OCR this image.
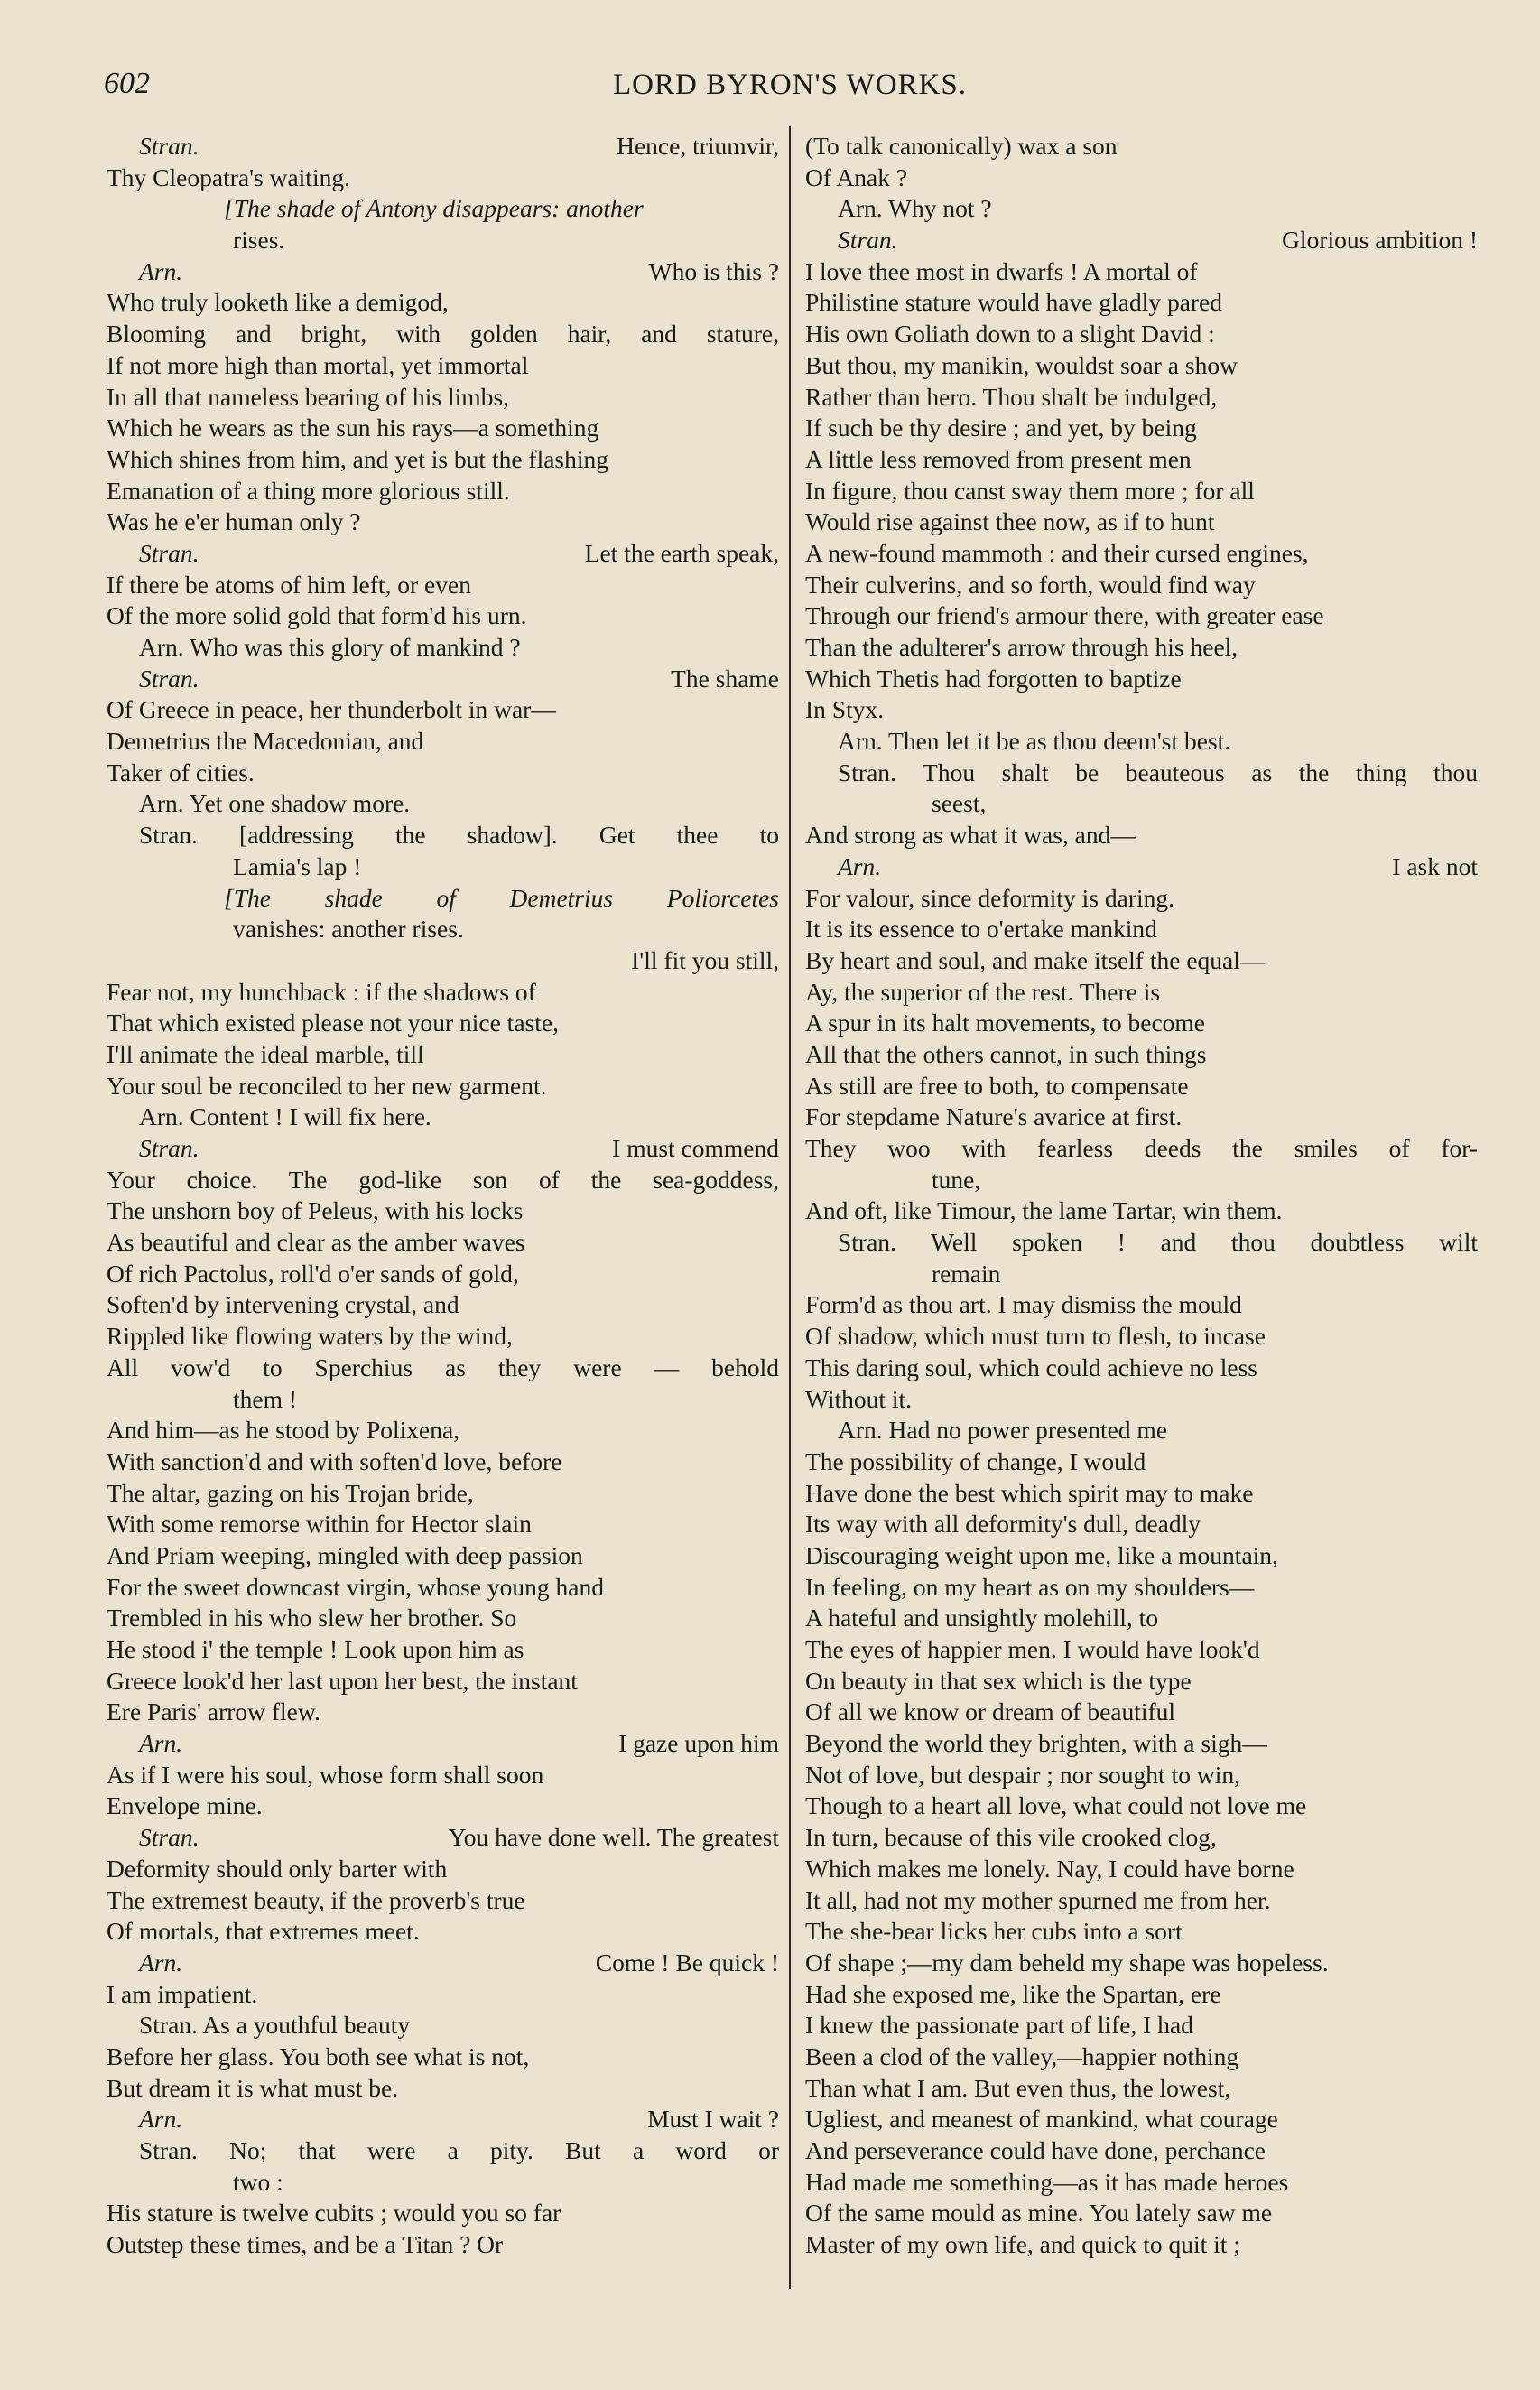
602	LORD BYRON'S WORKS.
Stran.	Hence, triumvir,
Thy Cleopatra's waiting.
[The shade of Antony disappears: another
rises.
Arn.	Who is this ?
Who truly looketh like a demigod,
Blooming and bright, with golden hair, and stature,
If not more high than mortal, yet immortal
In all that nameless bearing of his limbs,
Which he wears as the sun his rays—a something
Which shines from him, and yet is but the flashing
Emanation of a thing more glorious still.
Was he e'er human only ?
Stran.	Let the earth speak,
If there be atoms of him left, or even
Of the more solid gold that form'd his urn.
Arn. Who was this glory of mankind ?
Stran.	The shame
Of Greece in peace, her thunderbolt in war—
Demetrius the Macedonian, and
Taker of cities.
Arn. Yet one shadow more.
Stran. [addressing the shadow]. Get thee to
Lamia's lap !
[The shade of Demetrius Poliorcetes
vanishes: another rises.
I'll fit you still,
Fear not, my hunchback : if the shadows of
That which existed please not your nice taste,
I'll animate the ideal marble, till
Your soul be reconciled to her new garment.
Arn. Content ! I will fix here.
Stran.	I must commend
Your choice. The god-like son of the sea-goddess,
The unshorn boy of Peleus, with his locks
As beautiful and clear as the amber waves
Of rich Pactolus, roll'd o'er sands of gold,
Soften'd by intervening crystal, and
Rippled like flowing waters by the wind,
All vow'd to Sperchius as they were — behold
them !
And him—as he stood by Polixena,
With sanction'd and with soften'd love, before
The altar, gazing on his Trojan bride,
With some remorse within for Hector slain
And Priam weeping, mingled with deep passion
For the sweet downcast virgin, whose young hand
Trembled in his who slew her brother. So
He stood i' the temple ! Look upon him as
Greece look'd her last upon her best, the instant
Ere Paris' arrow flew.
Arn.	I gaze upon him
As if I were his soul, whose form shall soon
Envelope mine.
Stran.	You have done well. The greatest
Deformity should only barter with
The extremest beauty, if the proverb's true
Of mortals, that extremes meet.
Arn.	Come ! Be quick !
I am impatient.
Stran. As a youthful beauty
Before her glass. You both see what is not,
But dream it is what must be.
Arn.	Must I wait ?
Stran. No; that were a pity. But a word or
two :
His stature is twelve cubits ; would you so far
Outstep these times, and be a Titan ? Or
(To talk canonically) wax a son
Of Anak ?
Arn. Why not ?
Stran.	Glorious ambition !
I love thee most in dwarfs ! A mortal of
Philistine stature would have gladly pared
His own Goliath down to a slight David :
But thou, my manikin, wouldst soar a show
Rather than hero. Thou shalt be indulged,
If such be thy desire ; and yet, by being
A little less removed from present men
In figure, thou canst sway them more ; for all
Would rise against thee now, as if to hunt
A new-found mammoth : and their cursed engines,
Their culverins, and so forth, would find way
Through our friend's armour there, with greater ease
Than the adulterer's arrow through his heel,
Which Thetis had forgotten to baptize
In Styx.
Arn. Then let it be as thou deem'st best.
Stran. Thou shalt be beauteous as the thing thou
seest,
And strong as what it was, and—
Arn.	I ask not
For valour, since deformity is daring.
It is its essence to o'ertake mankind
By heart and soul, and make itself the equal—
Ay, the superior of the rest. There is
A spur in its halt movements, to become
All that the others cannot, in such things
As still are free to both, to compensate
For stepdame Nature's avarice at first.
They woo with fearless deeds the smiles of for-
tune,
And oft, like Timour, the lame Tartar, win them.
Stran. Well spoken ! and thou doubtless wilt
remain
Form'd as thou art. I may dismiss the mould
Of shadow, which must turn to flesh, to incase
This daring soul, which could achieve no less
Without it.
Arn. Had no power presented me
The possibility of change, I would
Have done the best which spirit may to make
Its way with all deformity's dull, deadly
Discouraging weight upon me, like a mountain,
In feeling, on my heart as on my shoulders—
A hateful and unsightly molehill, to
The eyes of happier men. I would have look'd
On beauty in that sex which is the type
Of all we know or dream of beautiful
Beyond the world they brighten, with a sigh—
Not of love, but despair ; nor sought to win,
Though to a heart all love, what could not love me
In turn, because of this vile crooked clog,
Which makes me lonely. Nay, I could have borne
It all, had not my mother spurned me from her.
The she-bear licks her cubs into a sort
Of shape ;—my dam beheld my shape was hopeless.
Had she exposed me, like the Spartan, ere
I knew the passionate part of life, I had
Been a clod of the valley,—happier nothing
Than what I am. But even thus, the lowest,
Ugliest, and meanest of mankind, what courage
And perseverance could have done, perchance
Had made me something—as it has made heroes
Of the same mould as mine. You lately saw me
Master of my own life, and quick to quit it ;
